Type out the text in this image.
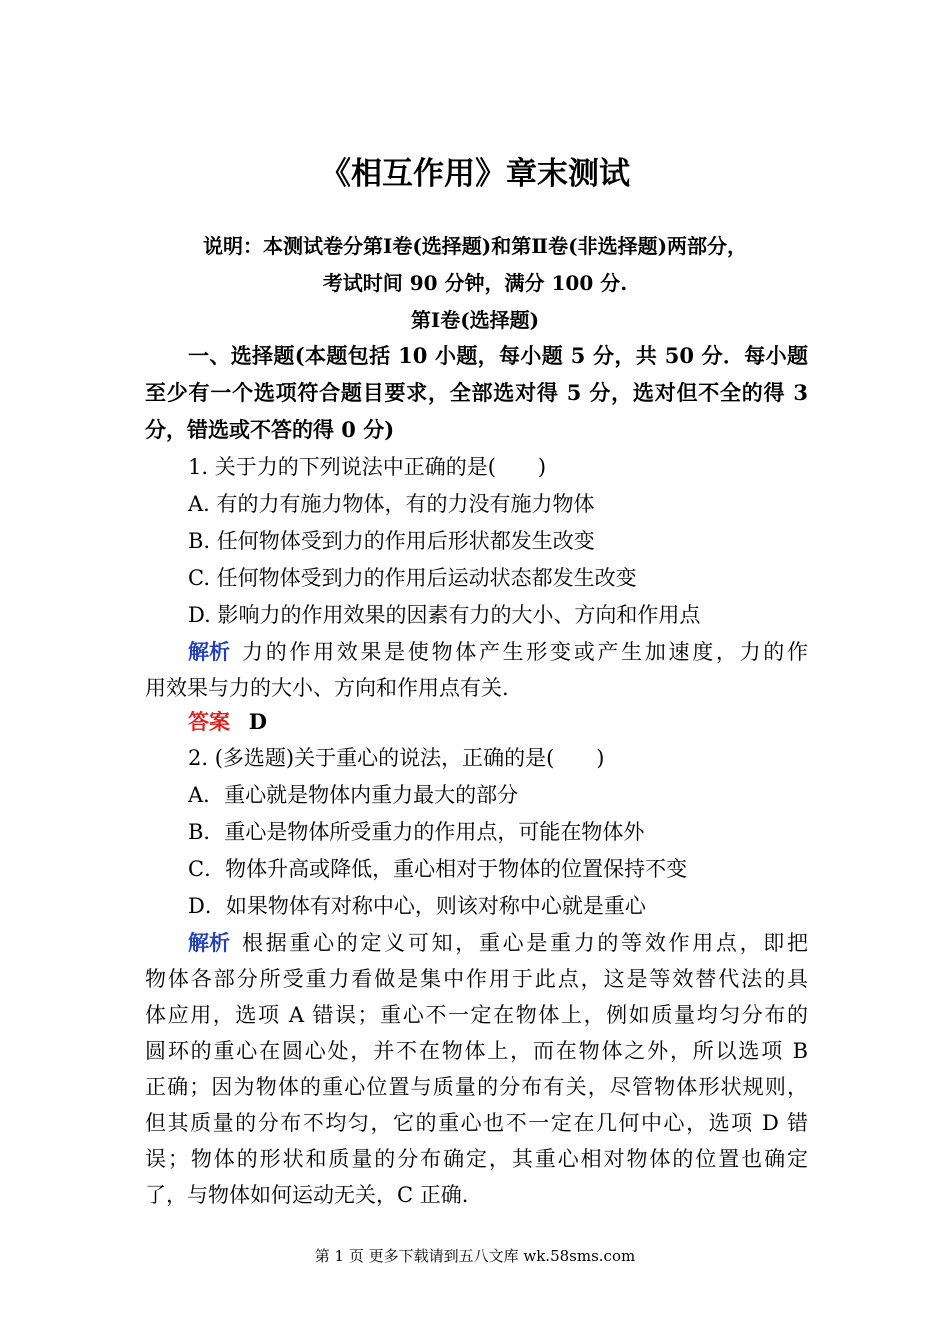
《相互作用》章末测试
说明：本测试卷分第Ⅰ卷(选择题)和第Ⅱ卷(非选择题)两部分，
考试时间 90 分钟，满分 100 分.
第Ⅰ卷(选择题)
一、选择题(本题包括 10 小题，每小题 5 分，共 50 分．每小题
至少有一个选项符合题目要求，全部选对得 5 分，选对但不全的得 3
分，错选或不答的得 0 分)
1. 关于力的下列说法中正确的是(　　)
A. 有的力有施力物体，有的力没有施力物体
B. 任何物体受到力的作用后形状都发生改变
C. 任何物体受到力的作用后运动状态都发生改变
D. 影响力的作用效果的因素有力的大小、方向和作用点
解析 力的作用效果是使物体产生形变或产生加速度，力的作
用效果与力的大小、方向和作用点有关.
答案 D
2. (多选题)关于重心的说法，正确的是(　　)
A．重心就是物体内重力最大的部分
B．重心是物体所受重力的作用点，可能在物体外
C．物体升高或降低，重心相对于物体的位置保持不变
D．如果物体有对称中心，则该对称中心就是重心
解析 根据重心的定义可知，重心是重力的等效作用点，即把
物体各部分所受重力看做是集中作用于此点，这是等效替代法的具
体应用，选项 A 错误；重心不一定在物体上，例如质量均匀分布的
圆环的重心在圆心处，并不在物体上，而在物体之外，所以选项 B
正确；因为物体的重心位置与质量的分布有关，尽管物体形状规则，
但其质量的分布不均匀，它的重心也不一定在几何中心，选项 D 错
误；物体的形状和质量的分布确定，其重心相对物体的位置也确定
了，与物体如何运动无关，C 正确.
第 1 页 更多下载请到五八文库 wk.58sms.com
